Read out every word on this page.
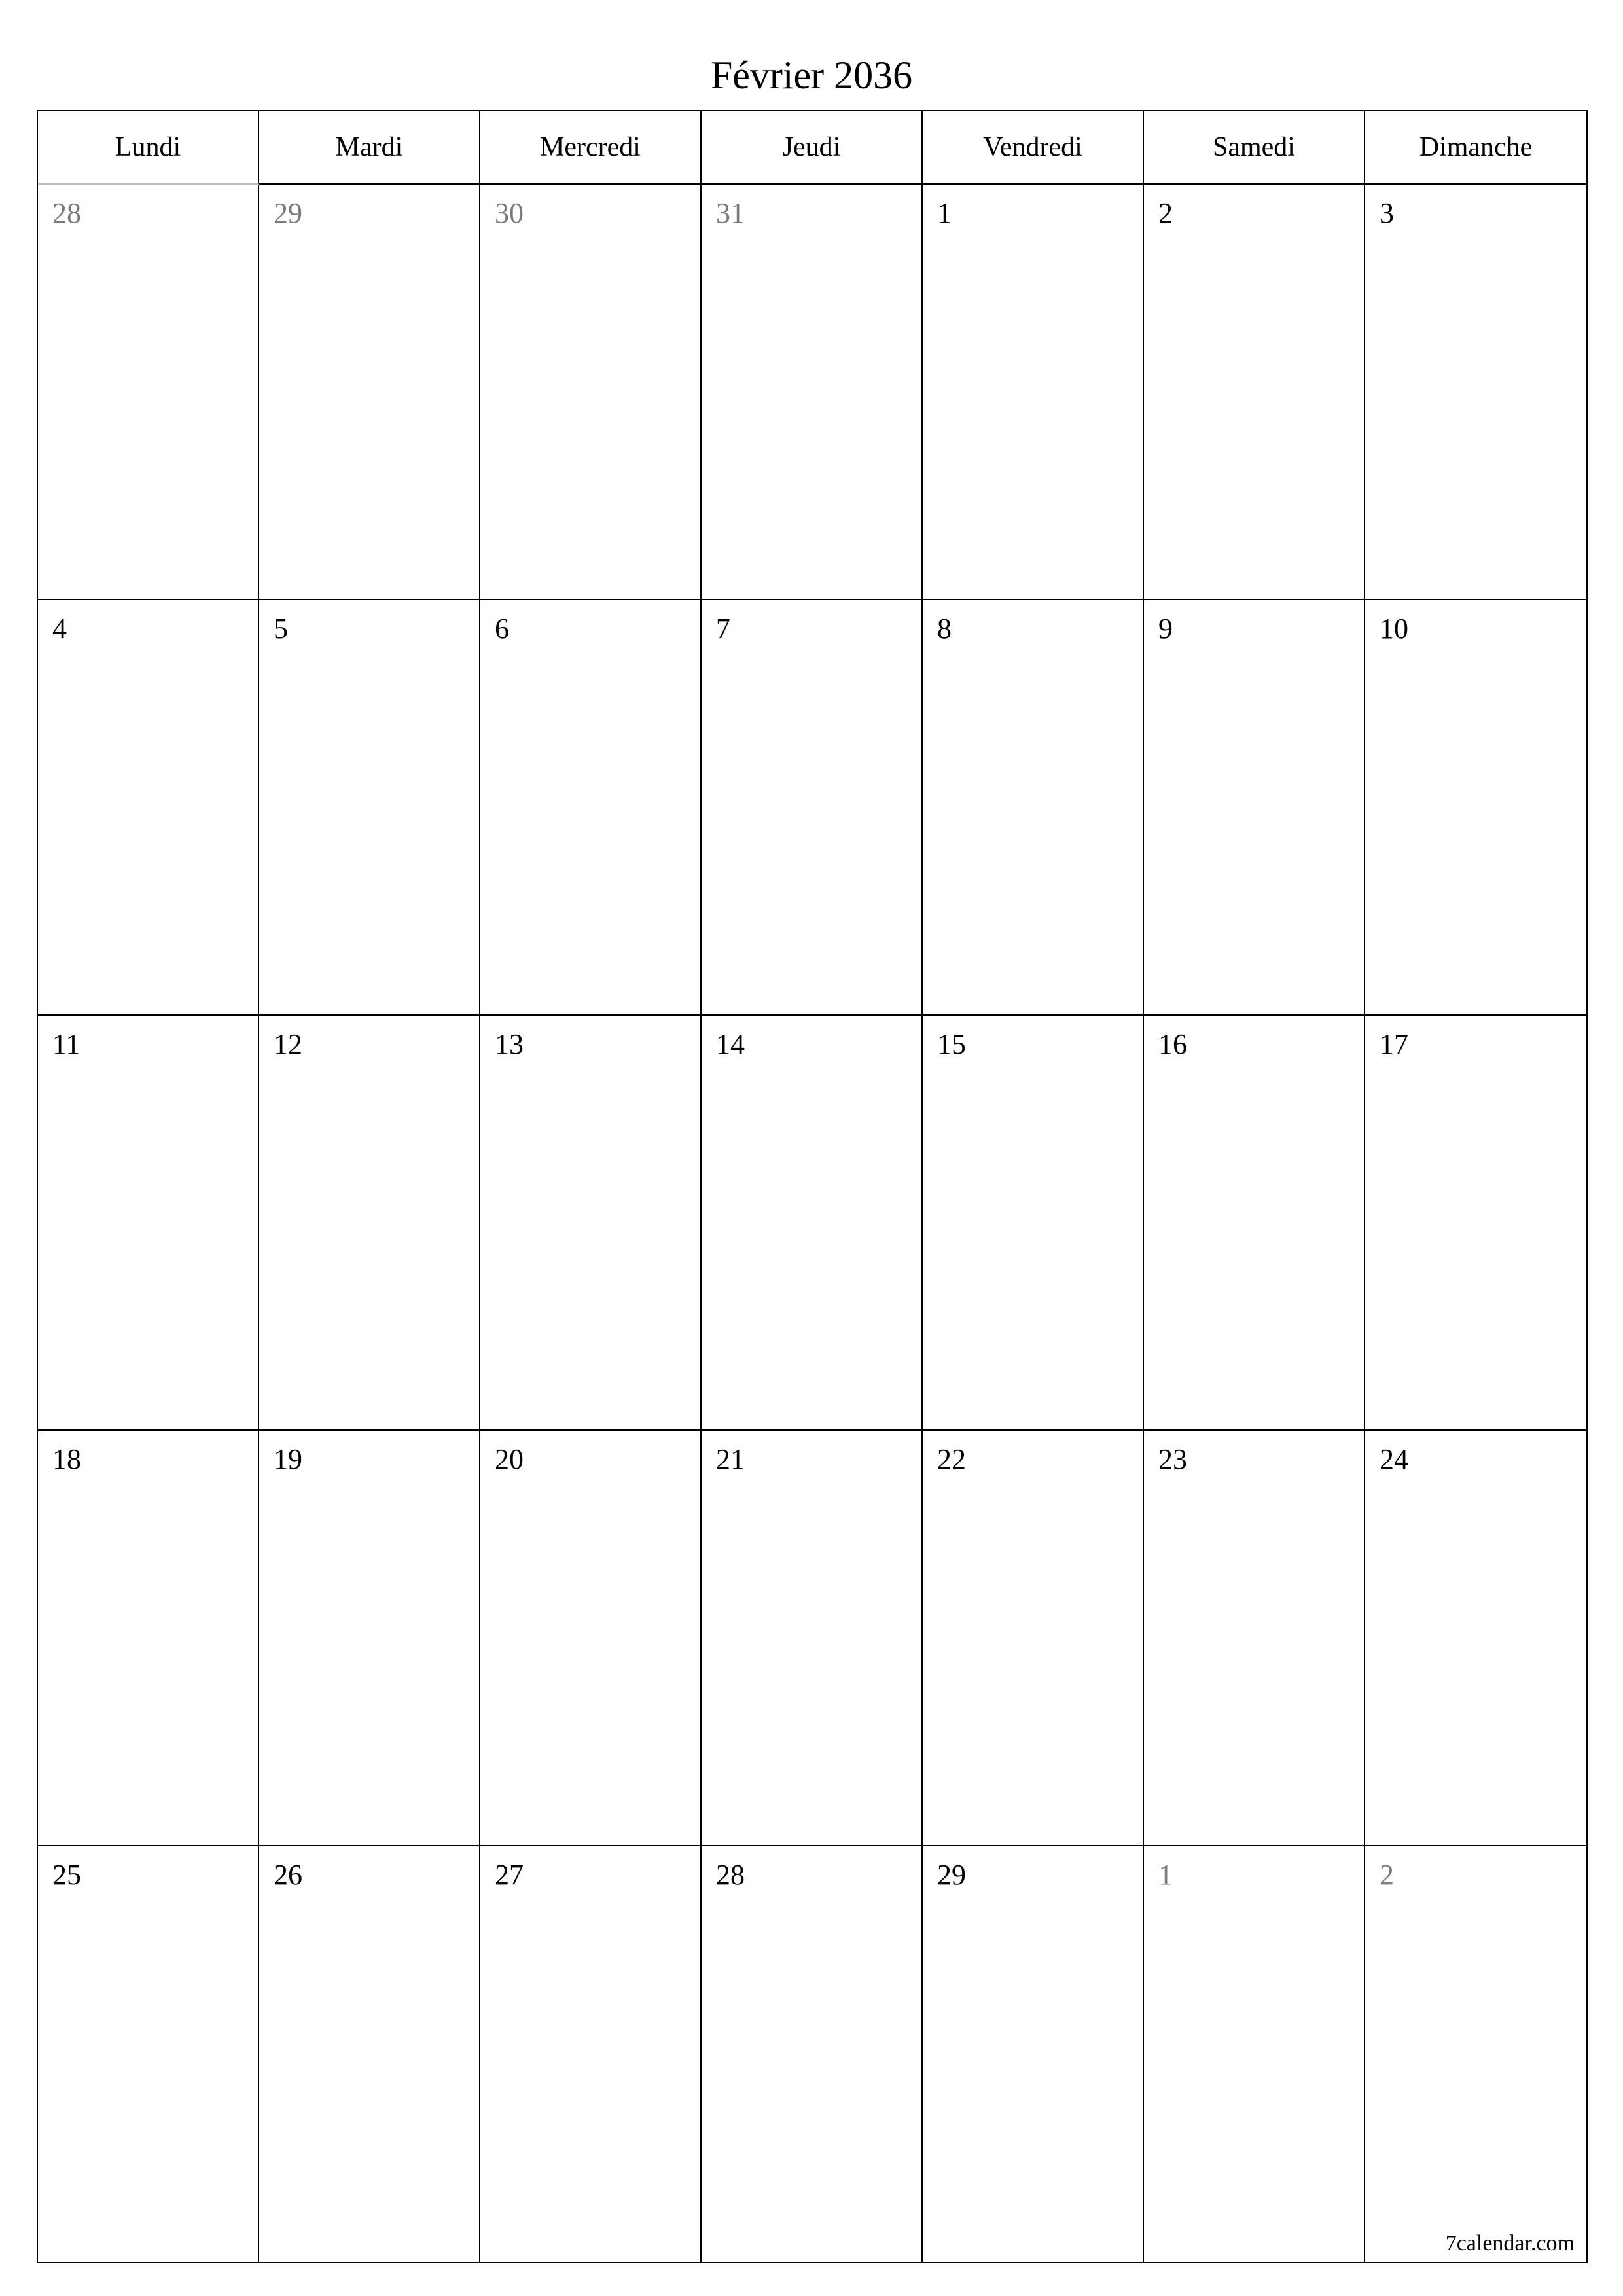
Février 2036
Lundi	Mardi	Mercredi	Jeudi	Vendredi	Samedi	Dimanche
28	29	30	31	1	2	3
4	5	6	7	8	9	10
11	12	13	14	15	16	17
18	19	20	21	22	23	24
25	26	27	28	29	1	2
7calendar.com
